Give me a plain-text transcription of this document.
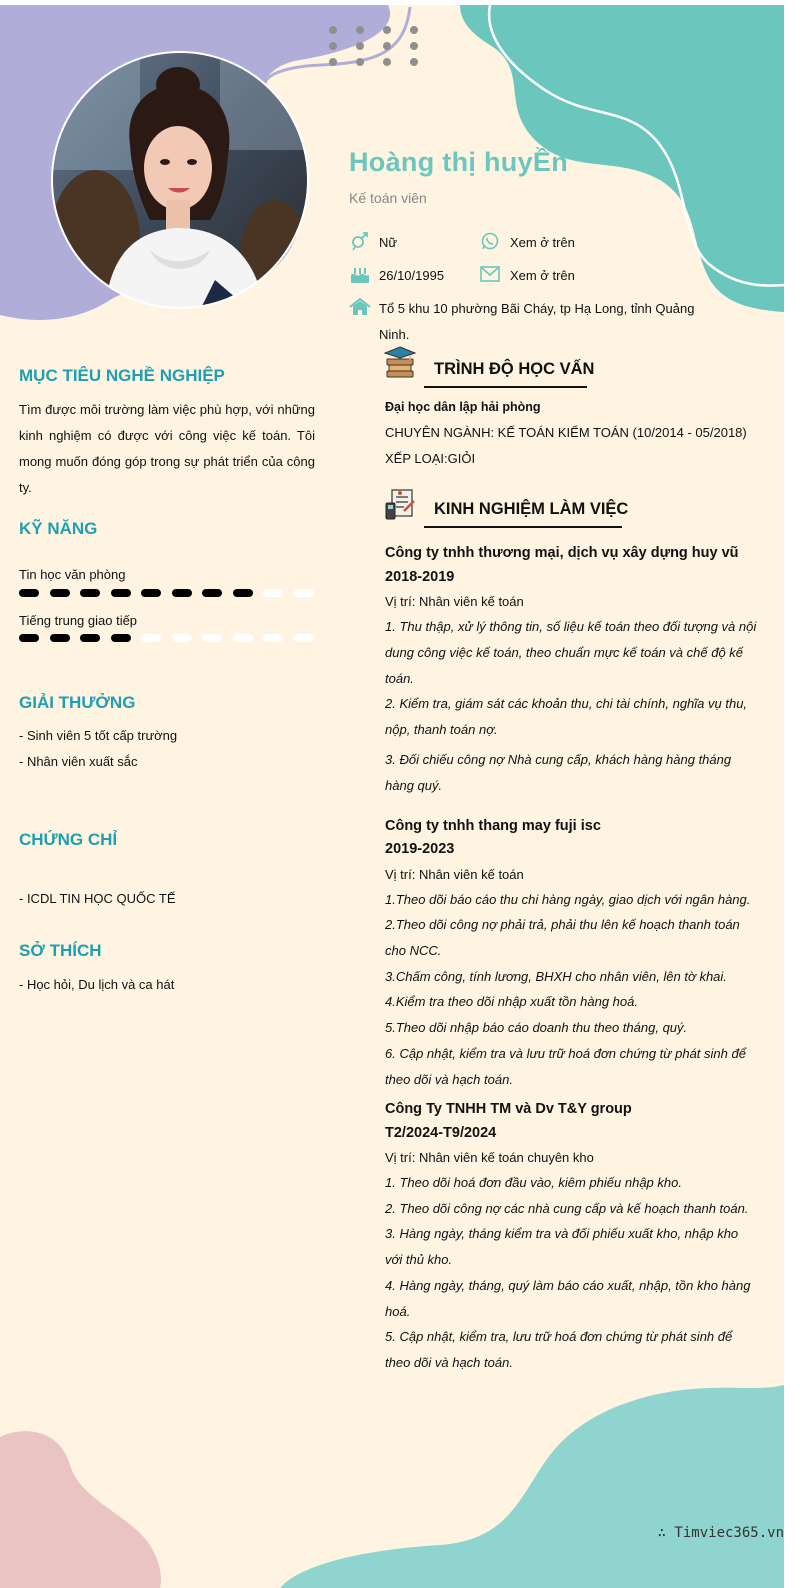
Hoàng thị huyỀn
Kế toán viên
Nữ	Xem ở trên
26/10/1995	Xem ở trên
Tổ 5 khu 10 phường Bãi Cháy, tp Hạ Long, tỉnh Quảng
Ninh.
MỤC TIÊU NGHỀ NGHIỆP
Tìm được môi trường làm việc phù hợp, với những
kinh nghiệm có được với công việc kế toán. Tôi
mong muốn đóng góp trong sự phát triển của công
ty.
KỸ NĂNG
Tin học văn phòng
Tiếng trung giao tiếp
GIẢI THƯỞNG
- Sinh viên 5 tốt cấp trường
- Nhân viên xuất sắc
CHỨNG CHỈ
- ICDL TIN HỌC QUỐC TẾ
SỞ THÍCH
- Học hỏi, Du lịch và ca hát
TRÌNH ĐỘ HỌC VẤN
Đại học dân lập hải phòng
CHUYÊN NGÀNH: KẾ TOÁN KIỂM TOÁN (10/2014 - 05/2018)
XẾP LOẠI:GIỎI
KINH NGHIỆM LÀM VIỆC
Công ty tnhh thương mại, dịch vụ xây dựng huy vũ
2018-2019
Vị trí: Nhân viên kế toán
1. Thu thập, xử lý thông tin, số liệu kế toán theo đối tượng và nội dung công việc kế toán, theo chuẩn mực kế toán và chế độ kế toán.
2. Kiểm tra, giám sát các khoản thu, chi tài chính, nghĩa vụ thu, nộp, thanh toán nợ.
3. Đối chiếu công nợ Nhà cung cấp, khách hàng hàng tháng hàng quý.
Công ty tnhh thang may fuji isc
2019-2023
Vị trí: Nhân viên kế toán
1.Theo dõi báo cáo thu chi hàng ngày, giao dịch với ngân hàng.
2.Theo dõi công nợ phải trả, phải thu lên kế hoạch thanh toán cho NCC.
3.Chấm công, tính lương, BHXH cho nhân viên, lên tờ khai.
4.Kiểm tra theo dõi nhập xuất tồn hàng hoá.
5.Theo dõi nhập báo cáo doanh thu theo tháng, quý.
6. Cập nhật, kiểm tra và lưu trữ hoá đơn chứng từ phát sinh để theo dõi và hạch toán.
Công Ty TNHH TM và Dv T&Y group
T2/2024-T9/2024
Vị trí: Nhân viên kế toán chuyên kho
1. Theo dõi hoá đơn đầu vào, kiêm phiếu nhập kho.
2. Theo dõi công nợ các nhà cung cấp và kế hoạch thanh toán.
3. Hàng ngày, tháng kiểm tra và đối phiếu xuất kho, nhập kho với thủ kho.
4. Hàng ngày, tháng, quý làm báo cáo xuất, nhập, tồn kho hàng hoá.
5. Cập nhật, kiểm tra, lưu trữ hoá đơn chứng từ phát sinh để theo dõi và hạch toán.
∴ Timviec365.vn
